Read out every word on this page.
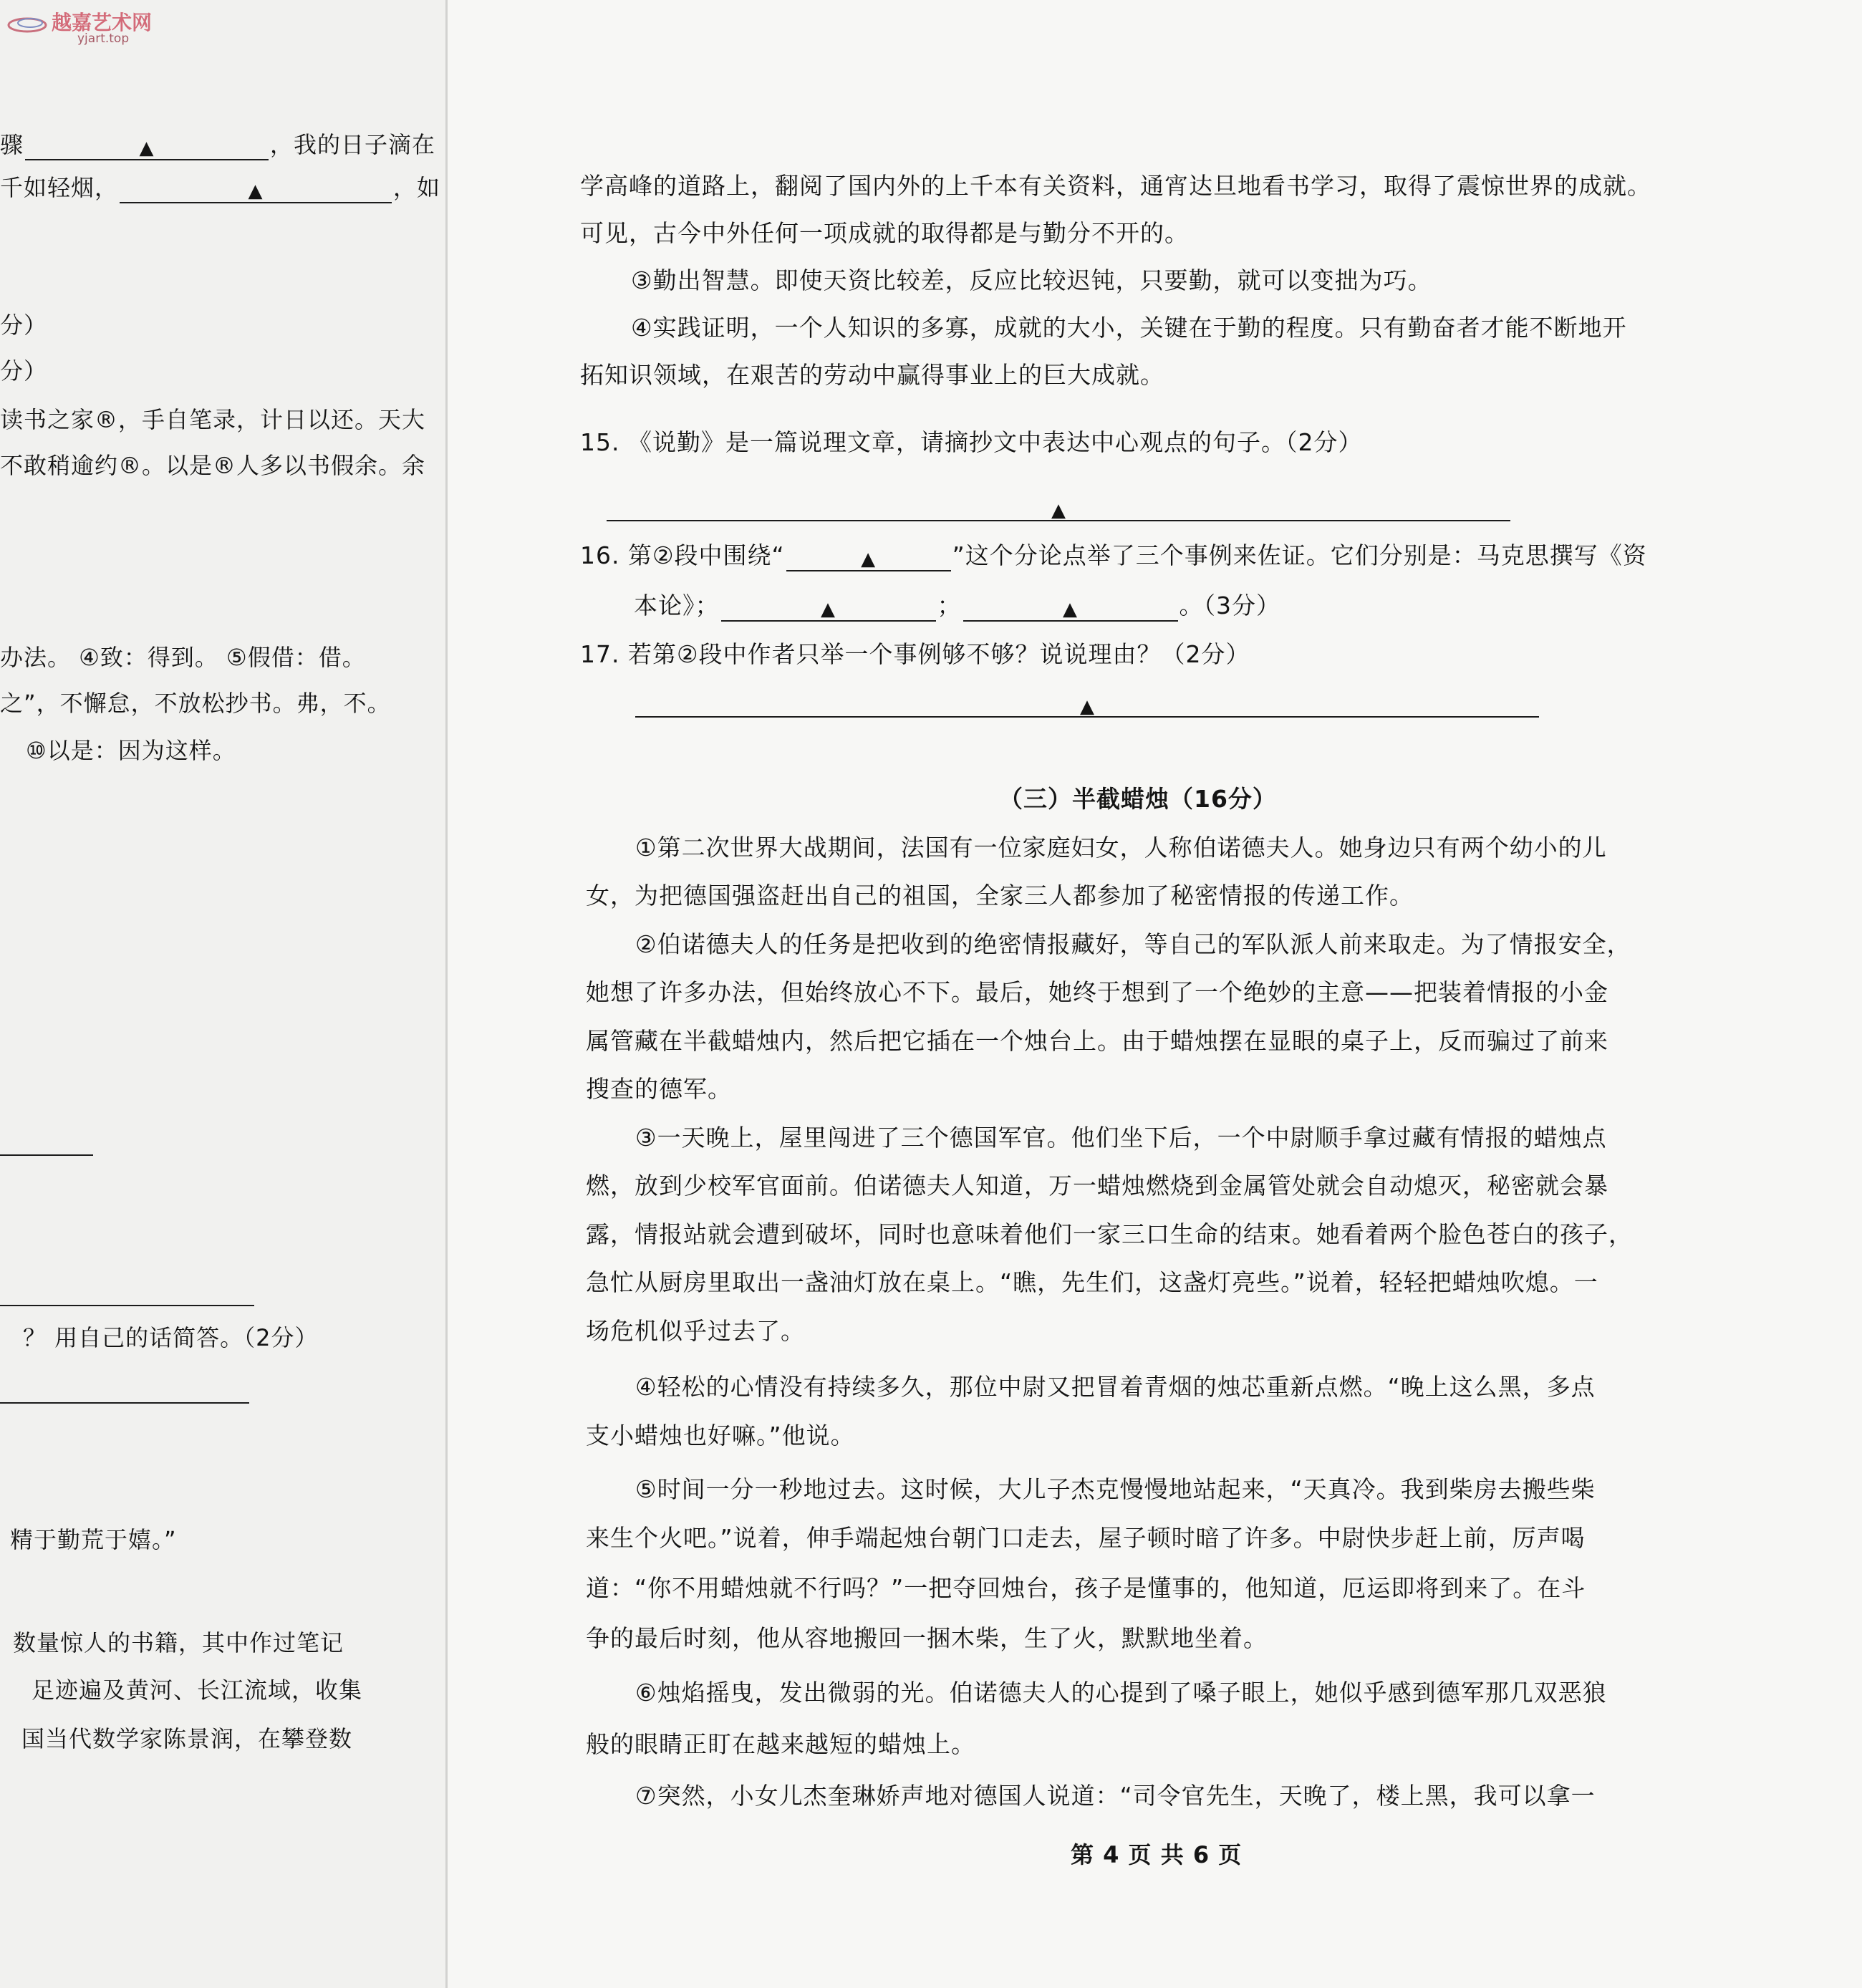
越嘉艺术网
yjart.top
骤	▲	，我的日子滴在
千如轻烟，	▲	，如
分）
分）
读书之家®，手自笔录，计日以还。天大
不敢稍逾约®。以是®人多以书假余。余
办法。 ④致：得到。 ⑤假借：借。
之”，不懈怠，不放松抄书。弗，不。
⑩以是：因为这样。
？ 用自己的话简答。（2分）
精于勤荒于嬉。”
数量惊人的书籍，其中作过笔记
足迹遍及黄河、长江流域，收集
国当代数学家陈景润，在攀登数
学高峰的道路上，翻阅了国内外的上千本有关资料，通宵达旦地看书学习，取得了震惊世界的成就。
可见，古今中外任何一项成就的取得都是与勤分不开的。
③勤出智慧。即使天资比较差，反应比较迟钝，只要勤，就可以变拙为巧。
④实践证明，一个人知识的多寡，成就的大小，关键在于勤的程度。只有勤奋者才能不断地开
拓知识领域，在艰苦的劳动中赢得事业上的巨大成就。
15. 《说勤》是一篇说理文章，请摘抄文中表达中心观点的句子。（2分）
▲
16. 第②段中围绕“	▲	”这个分论点举了三个事例来佐证。它们分别是：马克思撰写《资
本论》；	▲	；	▲	。（3分）
17. 若第②段中作者只举一个事例够不够？说说理由？（2分）
▲
（三）半截蜡烛（16分）
①第二次世界大战期间，法国有一位家庭妇女，人称伯诺德夫人。她身边只有两个幼小的儿
女，为把德国强盗赶出自己的祖国，全家三人都参加了秘密情报的传递工作。
②伯诺德夫人的任务是把收到的绝密情报藏好，等自己的军队派人前来取走。为了情报安全，
她想了许多办法，但始终放心不下。最后，她终于想到了一个绝妙的主意——把装着情报的小金
属管藏在半截蜡烛内，然后把它插在一个烛台上。由于蜡烛摆在显眼的桌子上，反而骗过了前来
搜查的德军。
③一天晚上，屋里闯进了三个德国军官。他们坐下后，一个中尉顺手拿过藏有情报的蜡烛点
燃，放到少校军官面前。伯诺德夫人知道，万一蜡烛燃烧到金属管处就会自动熄灭，秘密就会暴
露，情报站就会遭到破坏，同时也意味着他们一家三口生命的结束。她看着两个脸色苍白的孩子，
急忙从厨房里取出一盏油灯放在桌上。“瞧，先生们，这盏灯亮些。”说着，轻轻把蜡烛吹熄。一
场危机似乎过去了。
④轻松的心情没有持续多久，那位中尉又把冒着青烟的烛芯重新点燃。“晚上这么黑，多点
支小蜡烛也好嘛。”他说。
⑤时间一分一秒地过去。这时候，大儿子杰克慢慢地站起来，“天真冷。我到柴房去搬些柴
来生个火吧。”说着，伸手端起烛台朝门口走去，屋子顿时暗了许多。中尉快步赶上前，厉声喝
道：“你不用蜡烛就不行吗？”一把夺回烛台，孩子是懂事的，他知道，厄运即将到来了。在斗
争的最后时刻，他从容地搬回一捆木柴，生了火，默默地坐着。
⑥烛焰摇曳，发出微弱的光。伯诺德夫人的心提到了嗓子眼上，她似乎感到德军那几双恶狼
般的眼睛正盯在越来越短的蜡烛上。
⑦突然，小女儿杰奎琳娇声地对德国人说道：“司令官先生，天晚了，楼上黑，我可以拿一
第 4 页 共 6 页
